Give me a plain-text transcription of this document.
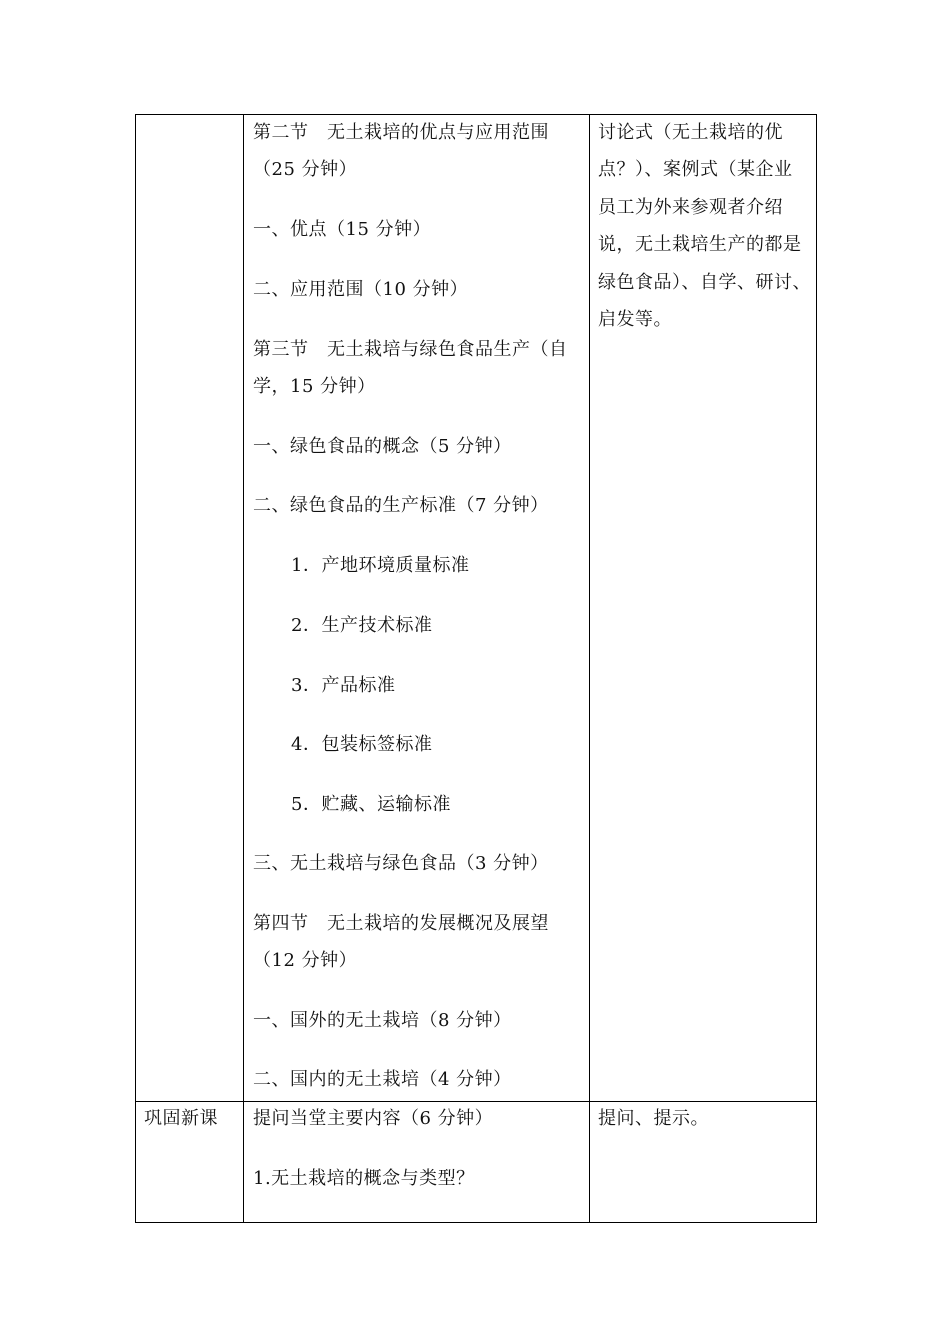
第二节　无土栽培的优点与应用范围
（25 分钟）
一、优点（15 分钟）
二、应用范围（10 分钟）
第三节　无土栽培与绿色食品生产（自
学，15 分钟）
一、绿色食品的概念（5 分钟）
二、绿色食品的生产标准（7 分钟）
1．产地环境质量标准
2．生产技术标准
3．产品标准
4．包装标签标准
5．贮藏、运输标准
三、无土栽培与绿色食品（3 分钟）
第四节　无土栽培的发展概况及展望
（12 分钟）
一、国外的无土栽培（8 分钟）
二、国内的无土栽培（4 分钟）
讨论式（无土栽培的优
点？）、案例式（某企业
员工为外来参观者介绍
说，无土栽培生产的都是
绿色食品）、自学、研讨、
启发等。
巩固新课 提问当堂主要内容（6 分钟）
1.无土栽培的概念与类型？
提问、提示。
